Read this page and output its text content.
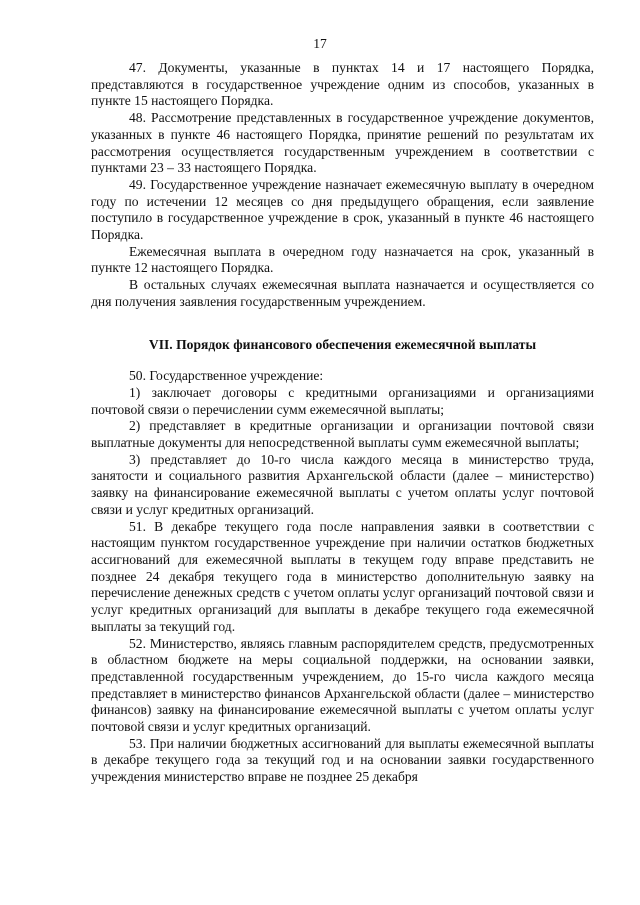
17

47. Документы, указанные в пунктах 14 и 17 настоящего Порядка, представляются в государственное учреждение одним из способов, указанных в пункте 15 настоящего Порядка.

48. Рассмотрение представленных в государственное учреждение документов, указанных в пункте 46 настоящего Порядка, принятие решений по результатам их рассмотрения осуществляется государственным учреждением в соответствии с пунктами 23 – 33 настоящего Порядка.

49. Государственное учреждение назначает ежемесячную выплату в очередном году по истечении 12 месяцев со дня предыдущего обращения, если заявление поступило в государственное учреждение в срок, указанный в пункте 46 настоящего Порядка.

Ежемесячная выплата в очередном году назначается на срок, указанный в пункте 12 настоящего Порядка.

В остальных случаях ежемесячная выплата назначается и осуществляется со дня получения заявления государственным учреждением.

VII. Порядок финансового обеспечения ежемесячной выплаты

50. Государственное учреждение:

1) заключает договоры с кредитными организациями и организациями почтовой связи о перечислении сумм ежемесячной выплаты;

2) представляет в кредитные организации и организации почтовой связи выплатные документы для непосредственной выплаты сумм ежемесячной выплаты;

3) представляет до 10-го числа каждого месяца в министерство труда, занятости и социального развития Архангельской области (далее – министерство) заявку на финансирование ежемесячной выплаты с учетом оплаты услуг почтовой связи и услуг кредитных организаций.

51. В декабре текущего года после направления заявки в соответствии с настоящим пунктом государственное учреждение при наличии остатков бюджетных ассигнований для ежемесячной выплаты в текущем году вправе представить не позднее 24 декабря текущего года в министерство дополнительную заявку на перечисление денежных средств с учетом оплаты услуг организаций почтовой связи и услуг кредитных организаций для выплаты в декабре текущего года ежемесячной выплаты за текущий год.

52. Министерство, являясь главным распорядителем средств, предусмотренных в областном бюджете на меры социальной поддержки, на основании заявки, представленной государственным учреждением, до 15-го числа каждого месяца представляет в министерство финансов Архангельской области (далее – министерство финансов) заявку на финансирование ежемесячной выплаты с учетом оплаты услуг почтовой связи и услуг кредитных организаций.

53. При наличии бюджетных ассигнований для выплаты ежемесячной выплаты в декабре текущего года за текущий год и на основании заявки государственного учреждения министерство вправе не позднее 25 декабря
